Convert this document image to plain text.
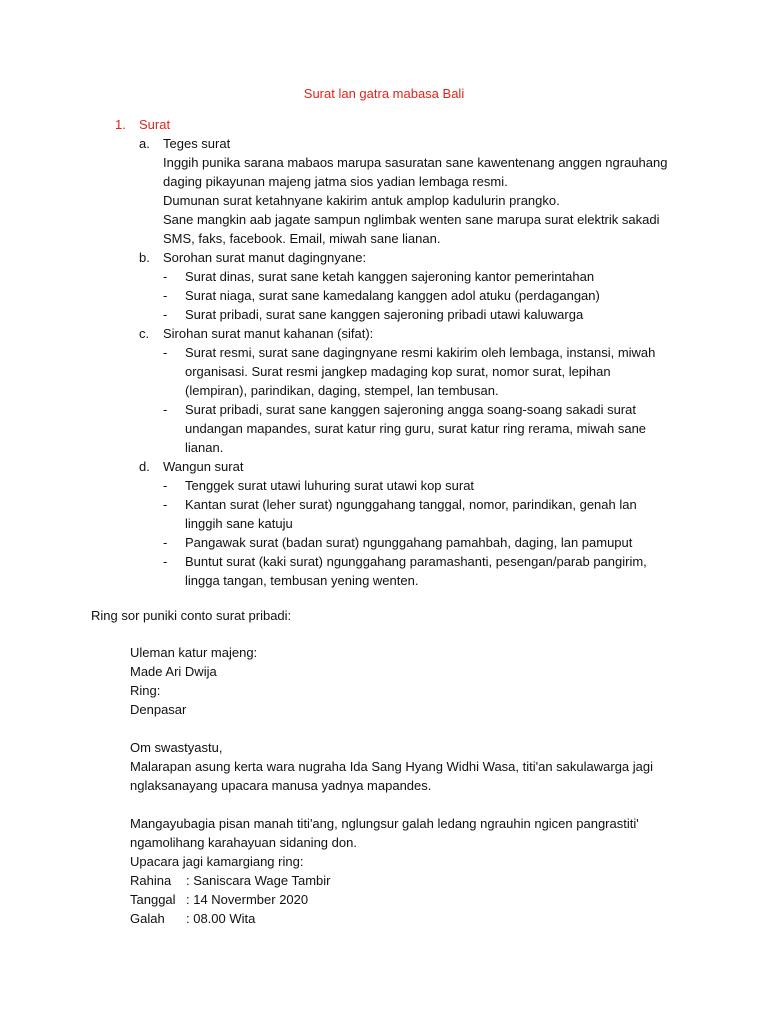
Surat lan gatra mabasa Bali
1. Surat
a. Teges surat
Inggih punika sarana mabaos marupa sasuratan sane kawentenang anggen ngrauhang
daging pikayunan majeng jatma sios yadian lembaga resmi.
Dumunan surat ketahnyane kakirim antuk amplop kadulurin prangko.
Sane mangkin aab jagate sampun nglimbak wenten sane marupa surat elektrik sakadi
SMS, faks, facebook. Email, miwah sane lianan.
b. Sorohan surat manut dagingnyane:
- Surat dinas, surat sane ketah kanggen sajeroning kantor pemerintahan
- Surat niaga, surat sane kamedalang kanggen adol atuku (perdagangan)
- Surat pribadi, surat sane kanggen sajeroning pribadi utawi kaluwarga
c. Sirohan surat manut kahanan (sifat):
- Surat resmi, surat sane dagingnyane resmi kakirim oleh lembaga, instansi, miwah
organisasi. Surat resmi jangkep madaging kop surat, nomor surat, lepihan
(lempiran), parindikan, daging, stempel, lan tembusan.
- Surat pribadi, surat sane kanggen sajeroning angga soang-soang sakadi surat
undangan mapandes, surat katur ring guru, surat katur ring rerama, miwah sane
lianan.
d. Wangun surat
- Tenggek surat utawi luhuring surat utawi kop surat
- Kantan surat (leher surat) ngunggahang tanggal, nomor, parindikan, genah lan
linggih sane katuju
- Pangawak surat (badan surat) ngunggahang pamahbah, daging, lan pamuput
- Buntut surat (kaki surat) ngunggahang paramashanti, pesengan/parab pangirim,
lingga tangan, tembusan yening wenten.
Ring sor puniki conto surat pribadi:
Uleman katur majeng:
Made Ari Dwija
Ring:
Denpasar
Om swastyastu,
Malarapan asung kerta wara nugraha Ida Sang Hyang Widhi Wasa, titi'an sakulawarga jagi
nglaksanayang upacara manusa yadnya mapandes.
Mangayubagia pisan manah titi'ang, nglungsur galah ledang ngrauhin ngicen pangrastiti'
ngamolihang karahayuan sidaning don.
Upacara jagi kamargiang ring:
Rahina : Saniscara Wage Tambir
Tanggal : 14 Novermber 2020
Galah : 08.00 Wita
